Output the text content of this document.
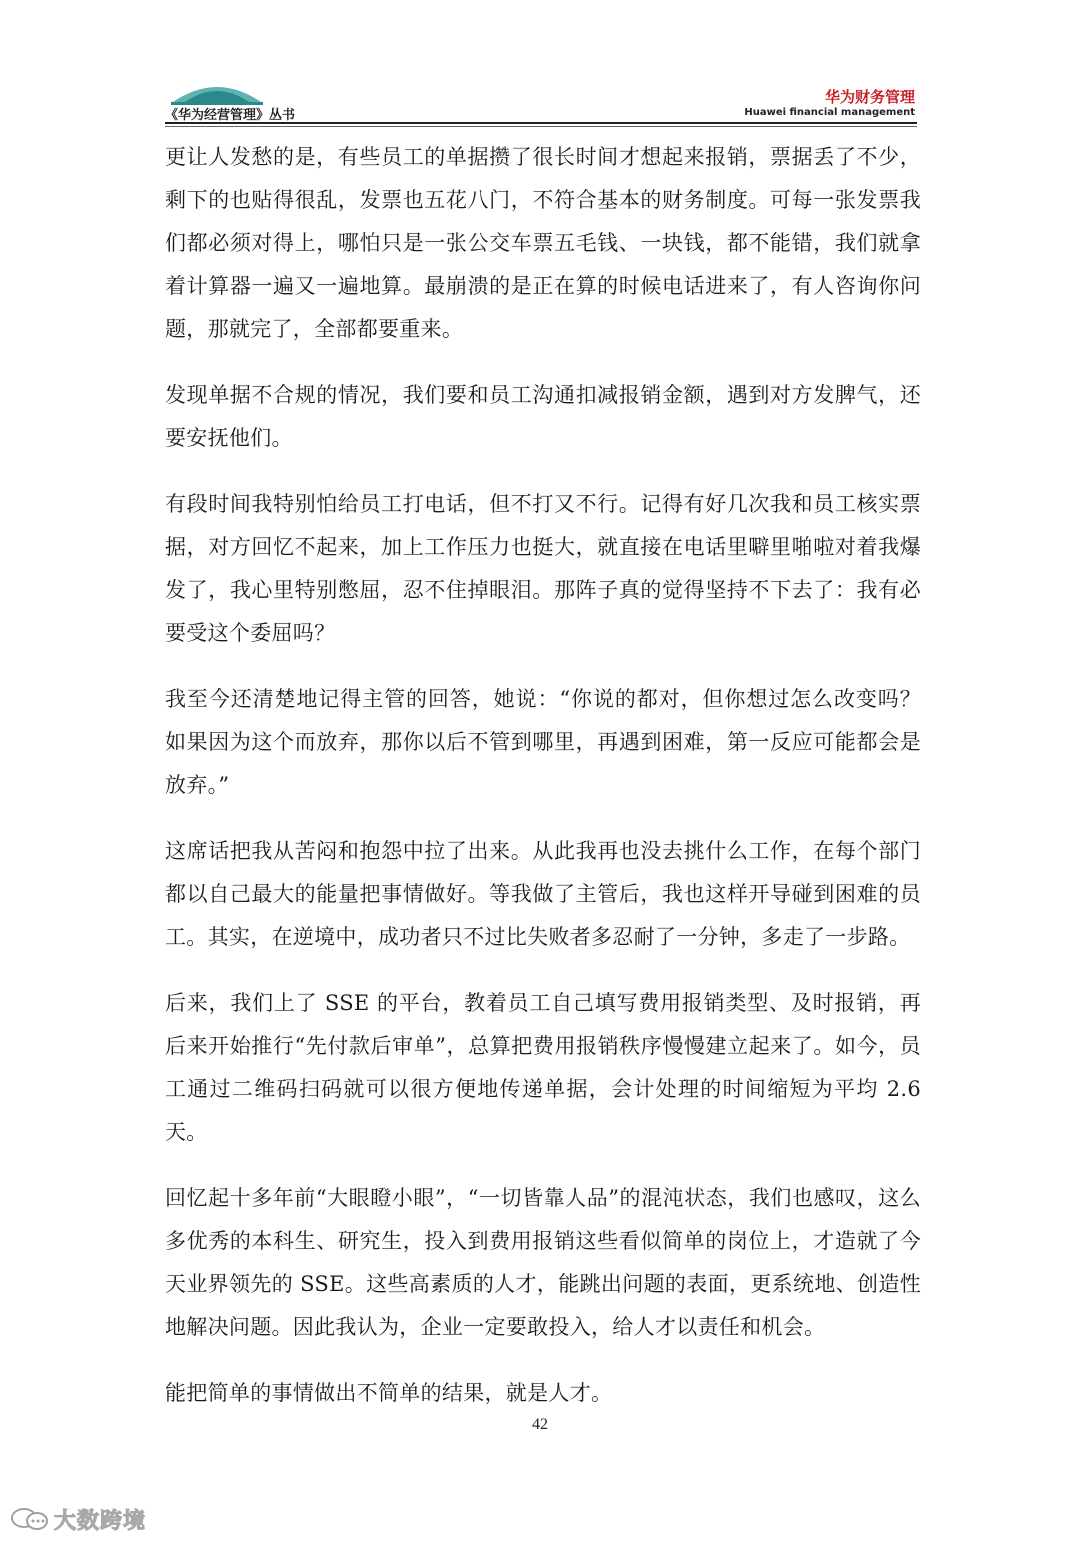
《华为经营管理》丛书
华为财务管理
Huawei financial management

更让人发愁的是，有些员工的单据攒了很长时间才想起来报销，票据丢了不少，剩下的也贴得很乱，发票也五花八门，不符合基本的财务制度。可每一张发票我们都必须对得上，哪怕只是一张公交车票五毛钱、一块钱，都不能错，我们就拿着计算器一遍又一遍地算。最崩溃的是正在算的时候电话进来了，有人咨询你问题，那就完了，全部都要重来。

发现单据不合规的情况，我们要和员工沟通扣减报销金额，遇到对方发脾气，还要安抚他们。

有段时间我特别怕给员工打电话，但不打又不行。记得有好几次我和员工核实票据，对方回忆不起来，加上工作压力也挺大，就直接在电话里噼里啪啦对着我爆发了，我心里特别憋屈，忍不住掉眼泪。那阵子真的觉得坚持不下去了：我有必要受这个委屈吗？

我至今还清楚地记得主管的回答，她说：“你说的都对，但你想过怎么改变吗？如果因为这个而放弃，那你以后不管到哪里，再遇到困难，第一反应可能都会是放弃。”

这席话把我从苦闷和抱怨中拉了出来。从此我再也没去挑什么工作，在每个部门都以自己最大的能量把事情做好。等我做了主管后，我也这样开导碰到困难的员工。其实，在逆境中，成功者只不过比失败者多忍耐了一分钟，多走了一步路。

后来，我们上了 SSE 的平台，教着员工自己填写费用报销类型、及时报销，再后来开始推行“先付款后审单”，总算把费用报销秩序慢慢建立起来了。如今，员工通过二维码扫码就可以很方便地传递单据，会计处理的时间缩短为平均 2.6 天。

回忆起十多年前“大眼瞪小眼”，“一切皆靠人品”的混沌状态，我们也感叹，这么多优秀的本科生、研究生，投入到费用报销这些看似简单的岗位上，才造就了今天业界领先的 SSE。这些高素质的人才，能跳出问题的表面，更系统地、创造性地解决问题。因此我认为，企业一定要敢投入，给人才以责任和机会。

能把简单的事情做出不简单的结果，就是人才。

42
大数跨境
